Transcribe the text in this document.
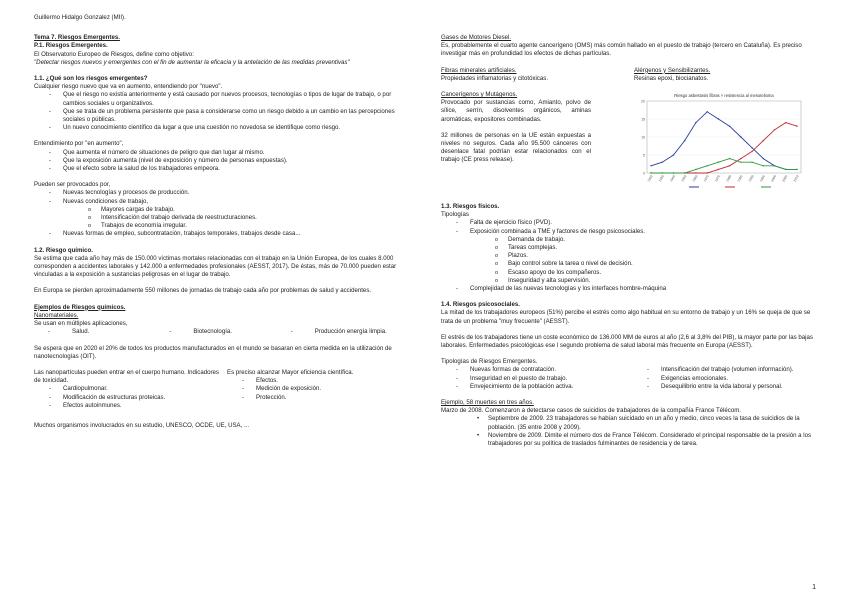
Guillermo Hidalgo Gonzalez (MII).
Tema 7. Riesgos Emergentes.
P.1. Riesgos Emergentes.
El Observatorio Europeo de Riesgos, define como objetivo:
"Detectar riesgos nuevos y emergentes con el fin de aumentar la eficacia y la antelación de las medidas preventivas"
1.1. ¿Qué son los riesgos emergentes?
Cualquier riesgo nuevo que va en aumento, entendiendo por "nuevo".
- Que el riesgo no existía anteriormente y está causado por nuevos procesos, tecnologías o tipos de lugar de trabajo, o por cambios sociales u organizativos.
- Que se trata de un problema persistente que pasa a considerarse como un riesgo debido a un cambio en las percepciones sociales o públicas.
- Un nuevo conocimiento científico da lugar a que una cuestión no novedosa se identifique como riesgo.
Entendimiento por "en aumento",
- Que aumenta el número de situaciones de peligro que dan lugar al mismo.
- Que la exposición aumenta (nivel de exposición y número de personas expuestas).
- Que el efecto sobre la salud de los trabajadores empeora.
Pueden ser provocados por,
- Nuevas tecnologías y procesos de producción.
- Nuevas condiciones de trabajo,
o Mayores cargas de trabajo.
o Intensificación del trabajo derivada de reestructuraciones.
o Trabajos de economía irregular.
- Nuevas formas de empleo, subcontratación, trabajos temporales, trabajos desde casa...
1.2. Riesgo químico.
Se estima que cada año hay más de 150.000 víctimas mortales relacionadas con el trabajo en la Unión Europea, de los cuales 8.000 corresponden a accidentes laborales y 142.000 a enfermedades profesionales (AESST, 2017). De éstas, más de 70.000 pueden estar vinculadas a la exposición a sustancias peligrosas en el lugar de trabajo.
En Europa se pierden aproximadamente 550 millones de jornadas de trabajo cada año por problemas de salud y accidentes.
Ejemplos de Riesgos químicos.
Nanomateriales.
Se usan en múltiples aplicaciones,
- Salud.	- Biotecnología.	- Producción energía limpia.
Se espera que en 2020 el 20% de todos los productos manufacturados en el mundo se basaran en cierta medida en la utilización de nanotecnologías (OIT).
Las nanopartículas pueden entrar en el cuerpo humano. Indicadores de toxicidad.
- Cardiopulmonar.
- Modificación de estructuras proteicas.
- Efectos autoinmunes.
Es preciso alcanzar Mayor eficiencia científica.
- Efectos.
- Medición de exposición.
- Protección.
Muchos organismos involucrados en su estudio, UNESCO, OCDE, UE, USA, ...
Gases de Motores Diesel.
Es, probablemente el cuarto agente cancerígeno (OMS) más común hallado en el puesto de trabajo (tercero en Cataluña). Es preciso investigar más en profundidad los efectos de dichas partículas.
Fibras minerales artificiales.
Propiedades inflamatorias y citotóxicas.
Alérgenos y Sensibilizantes.
Resinas epoxi, biocianatos.
Cancerígenos y Mutágenos.
Provocado por sustancias como, Amianto, polvo de sílice, serrín, disolventes orgánicos, aminas aromáticas, expositores combinadas.
32 millones de personas en la UE están expuestas a niveles no seguros. Cada año 95.500 cánceres con desenlace fatal podrían estar relacionados con el trabajo (CE press release).
Riesgo asbestosis fibras × resistencia al mesotelioma
0
5
10
15
20
1920 1930 1940 1950 1960 1970 1975 1980 1985 1990 1995 2000 2005 2010
1.3. Riesgos físicos.
Tipologías
- Falta de ejercicio físico (PVD).
- Exposición combinada a TME y factores de riesgo psicosociales.
o Demanda de trabajo.
o Tareas complejas.
o Plazos.
o Bajo control sobre la tarea o nivel de decisión.
o Escaso apoyo de los compañeros.
o Inseguridad y alta supervisión.
- Complejidad de las nuevas tecnologías y los interfaces hombre-máquina
1.4. Riesgos psicosociales.
La mitad de los trabajadores europeos (51%) percibe el estrés como algo habitual en su entorno de trabajo y un 16% se queja de que se trata de un problema "muy frecuente" (AESST).
El estrés de los trabajadores tiene un coste económico de 136.000 MM de euros al año (2,6 al 3,8% del PIB), la mayor parte por las bajas laborales. Enfermedades psicológicas ese l segundo problema de salud laboral más frecuente en Europa (AESST).
Tipologías de Riesgos Emergentes.
- Nuevas formas de contratación.	- Intensificación del trabajo (volumen información).
- Inseguridad en el puesto de trabajo.	- Exigencias emocionales.
- Envejecimiento de la población activa.	- Desequilibrio entre la vida laboral y personal.
Ejemplo, 58 muertes en tres años.
Marzo de 2008. Comenzaron a detectarse casos de suicidios de trabajadores de la compañía France Télécom.
• Septiembre de 2009. 23 trabajadores se habían suicidado en un año y medio, cinco veces la tasa de suicidios de la población. (35 entre 2008 y 2009).
• Noviembre de 2009. Dimite el número dos de France Télécom. Considerado el principal responsable de la presión a los trabajadores por su política de traslados fulminantes de residencia y de tarea.
1
